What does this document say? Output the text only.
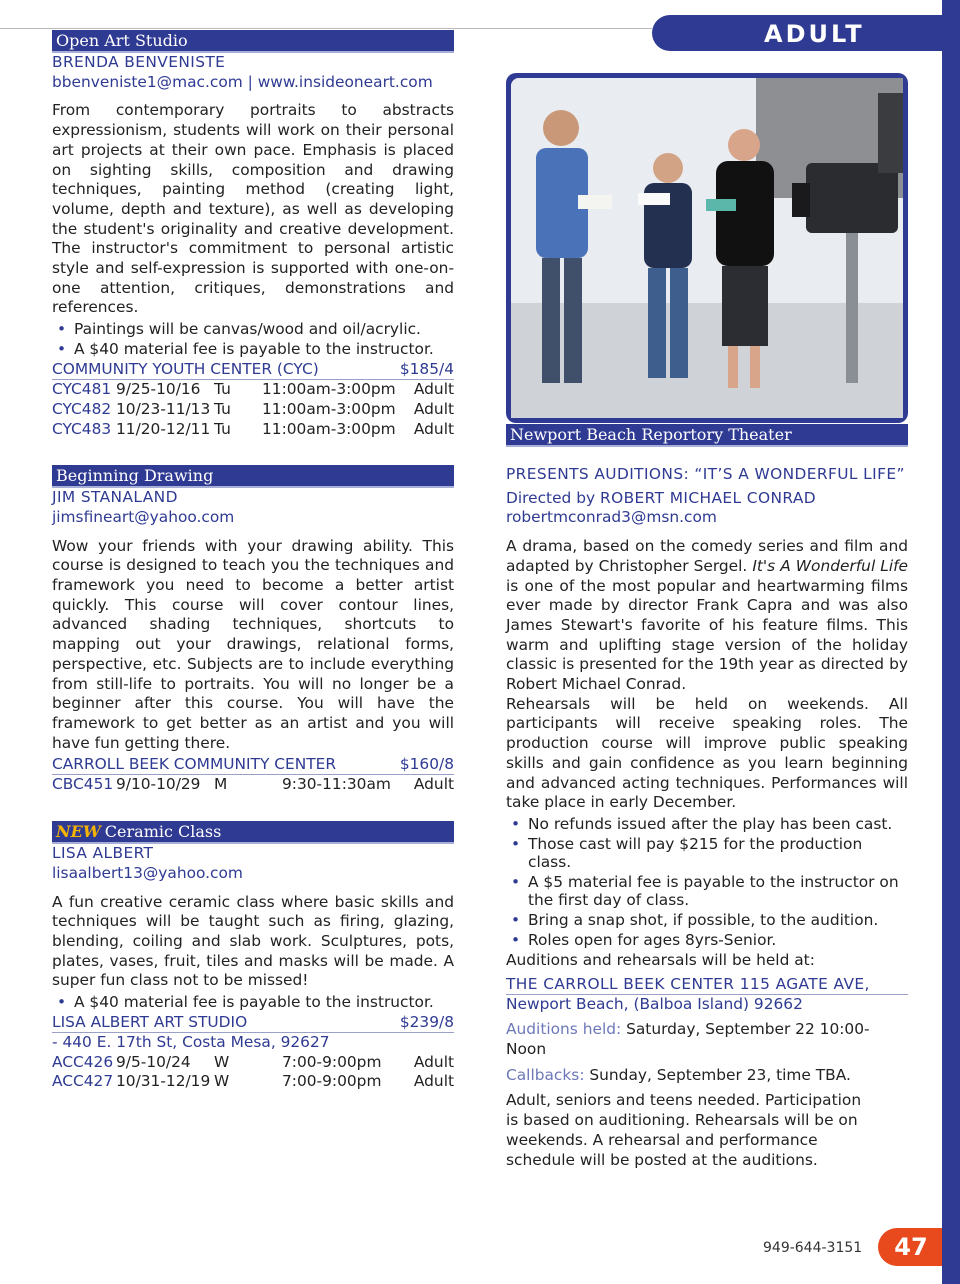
ADULT
Open Art Studio
BRENDA BENVENISTE
bbenveniste1@mac.com | www.insideoneart.com

From contemporary portraits to abstracts expressionism, students will work on their personal art projects at their own pace. Emphasis is placed on sighting skills, composition and drawing techniques, painting method (creating light, volume, depth and texture), as well as developing the student's originality and creative development. The instructor's commitment to personal artistic style and self-expression is supported with one-on-one attention, critiques, demonstrations and references.

• Paintings will be canvas/wood and oil/acrylic.
• A $40 material fee is payable to the instructor.
COMMUNITY YOUTH CENTER (CYC)	$185/4
CYC481 9/25-10/16 Tu	11:00am-3:00pm	Adult
CYC482 10/23-11/13 Tu	11:00am-3:00pm	Adult
CYC483 11/20-12/11 Tu	11:00am-3:00pm	Adult
Beginning Drawing
JIM STANALAND
jimsfineart@yahoo.com

Wow your friends with your drawing ability. This course is designed to teach you the techniques and framework you need to become a better artist quickly. This course will cover contour lines, advanced shading techniques, shortcuts to mapping out your drawings, relational forms, perspective, etc. Subjects are to include everything from still-life to portraits. You will no longer be a beginner after this course. You will have the framework to get better as an artist and you will have fun getting there.

CARROLL BEEK COMMUNITY CENTER	$160/8
CBC451 9/10-10/29 M	9:30-11:30am	Adult
NEW Ceramic Class
LISA ALBERT
lisaalbert13@yahoo.com

A fun creative ceramic class where basic skills and techniques will be taught such as firing, glazing, blending, coiling and slab work. Sculptures, pots, plates, vases, fruit, tiles and masks will be made. A super fun class not to be missed!

• A $40 material fee is payable to the instructor.
LISA ALBERT ART STUDIO	$239/8
- 440 E. 17th St, Costa Mesa, 92627
ACC426 9/5-10/24	W	7:00-9:00pm	Adult
ACC427 10/31-12/19 W	7:00-9:00pm	Adult
Newport Beach Reportory Theater
PRESENTS AUDITIONS: “IT’S A WONDERFUL LIFE”
Directed by ROBERT MICHAEL CONRAD
robertmconrad3@msn.com

A drama, based on the comedy series and film and adapted by Christopher Sergel. It's A Wonderful Life is one of the most popular and heartwarming films ever made by director Frank Capra and was also James Stewart's favorite of his feature films. This warm and uplifting stage version of the holiday classic is presented for the 19th year as directed by Robert Michael Conrad.

Rehearsals will be held on weekends. All participants will receive speaking roles. The production course will improve public speaking skills and gain confidence as you learn beginning and advanced acting techniques. Performances will take place in early December.

• No refunds issued after the play has been cast.
• Those cast will pay $215 for the production class.
• A $5 material fee is payable to the instructor on the first day of class.
• Bring a snap shot, if possible, to the audition.
• Roles open for ages 8yrs-Senior.

Auditions and rehearsals will be held at:

THE CARROLL BEEK CENTER 115 AGATE AVE,
Newport Beach, (Balboa Island) 92662
Auditions held: Saturday, September 22 10:00-Noon
Callbacks: Sunday, September 23, time TBA.

Adult, seniors and teens needed. Participation is based on auditioning. Rehearsals will be on weekends. A rehearsal and performance schedule will be posted at the auditions.

949-644-3151	47
